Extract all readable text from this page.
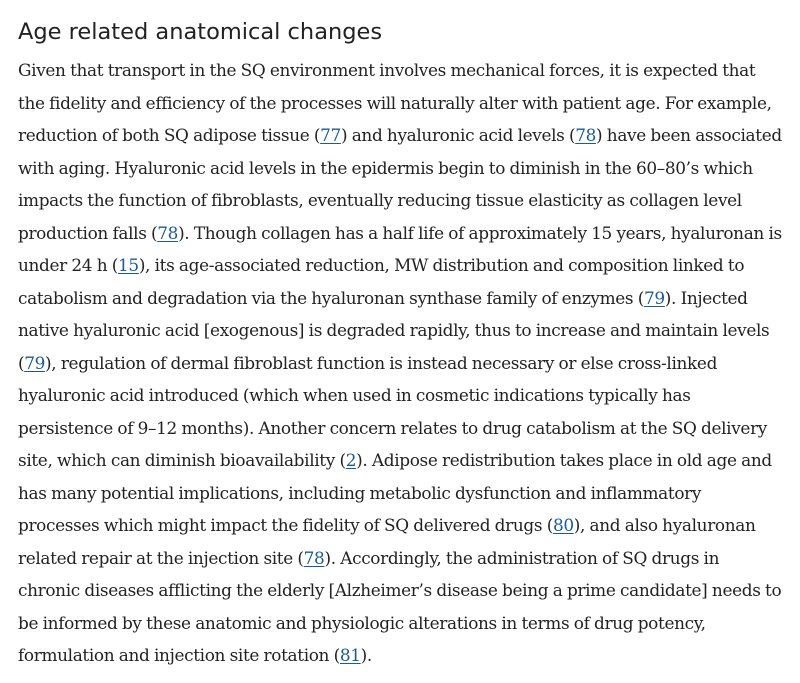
Age related anatomical changes

Given that transport in the SQ environment involves mechanical forces, it is expected that the fidelity and efficiency of the processes will naturally alter with patient age. For example, reduction of both SQ adipose tissue (77) and hyaluronic acid levels (78) have been associated with aging. Hyaluronic acid levels in the epidermis begin to diminish in the 60–80’s which impacts the function of fibroblasts, eventually reducing tissue elasticity as collagen level production falls (78). Though collagen has a half life of approximately 15 years, hyaluronan is under 24 h (15), its age-associated reduction, MW distribution and composition linked to catabolism and degradation via the hyaluronan synthase family of enzymes (79). Injected native hyaluronic acid [exogenous] is degraded rapidly, thus to increase and maintain levels (79), regulation of dermal fibroblast function is instead necessary or else cross-linked hyaluronic acid introduced (which when used in cosmetic indications typically has persistence of 9–12 months). Another concern relates to drug catabolism at the SQ delivery site, which can diminish bioavailability (2). Adipose redistribution takes place in old age and has many potential implications, including metabolic dysfunction and inflammatory processes which might impact the fidelity of SQ delivered drugs (80), and also hyaluronan related repair at the injection site (78). Accordingly, the administration of SQ drugs in chronic diseases afflicting the elderly [Alzheimer’s disease being a prime candidate] needs to be informed by these anatomic and physiologic alterations in terms of drug potency, formulation and injection site rotation (81).
